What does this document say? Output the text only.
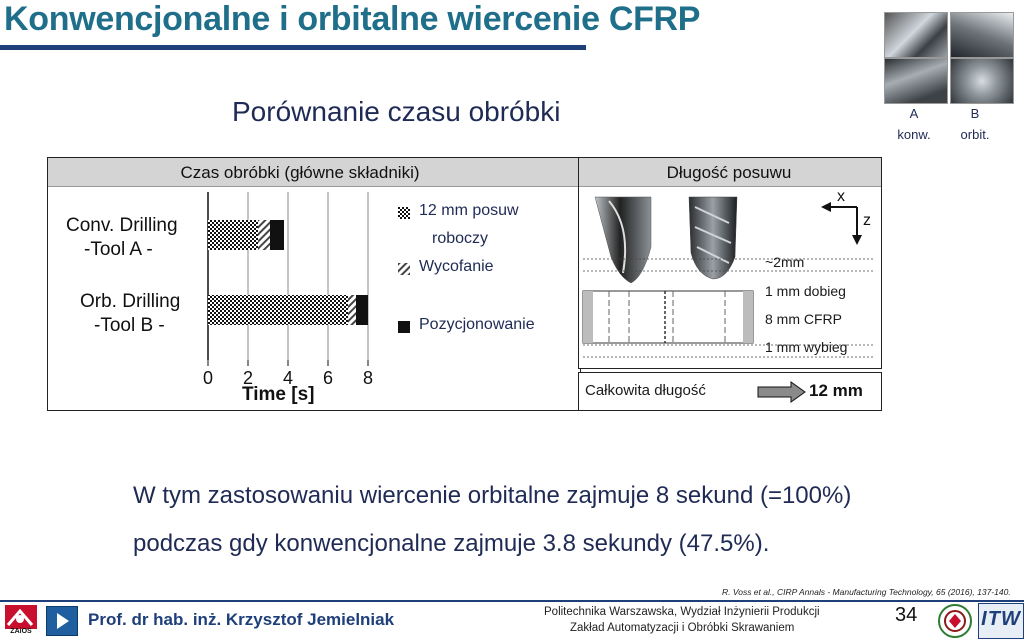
Konwencjonalne i orbitalne wiercenie CFRP
A
konw.
B
orbit.
Porównanie czasu obróbki
Czas obróbki (główne składniki)
Conv. Drilling
-Tool A -
Orb. Drilling
-Tool B -
0 2 4 6 8
Time [s]
12 mm posuw
roboczy
Wycofanie
Pozycjonowanie
Długość posuwu
x
z
~2mm
1 mm dobieg
8 mm CFRP
1 mm wybieg
Całkowita długość	12 mm
W tym zastosowaniu wiercenie orbitalne zajmuje 8 sekund (=100%)
podczas gdy konwencjonalne zajmuje 3.8 sekundy (47.5%).
R. Voss et al., CIRP Annals - Manufacturing Technology, 65 (2016), 137-140.
ZAiOS
Prof. dr hab. inż. Krzysztof Jemielniak	Politechnika Warszawska, Wydział Inżynierii Produkcji
Zakład Automatyzacji i Obróbki Skrawaniem
34	ITW
